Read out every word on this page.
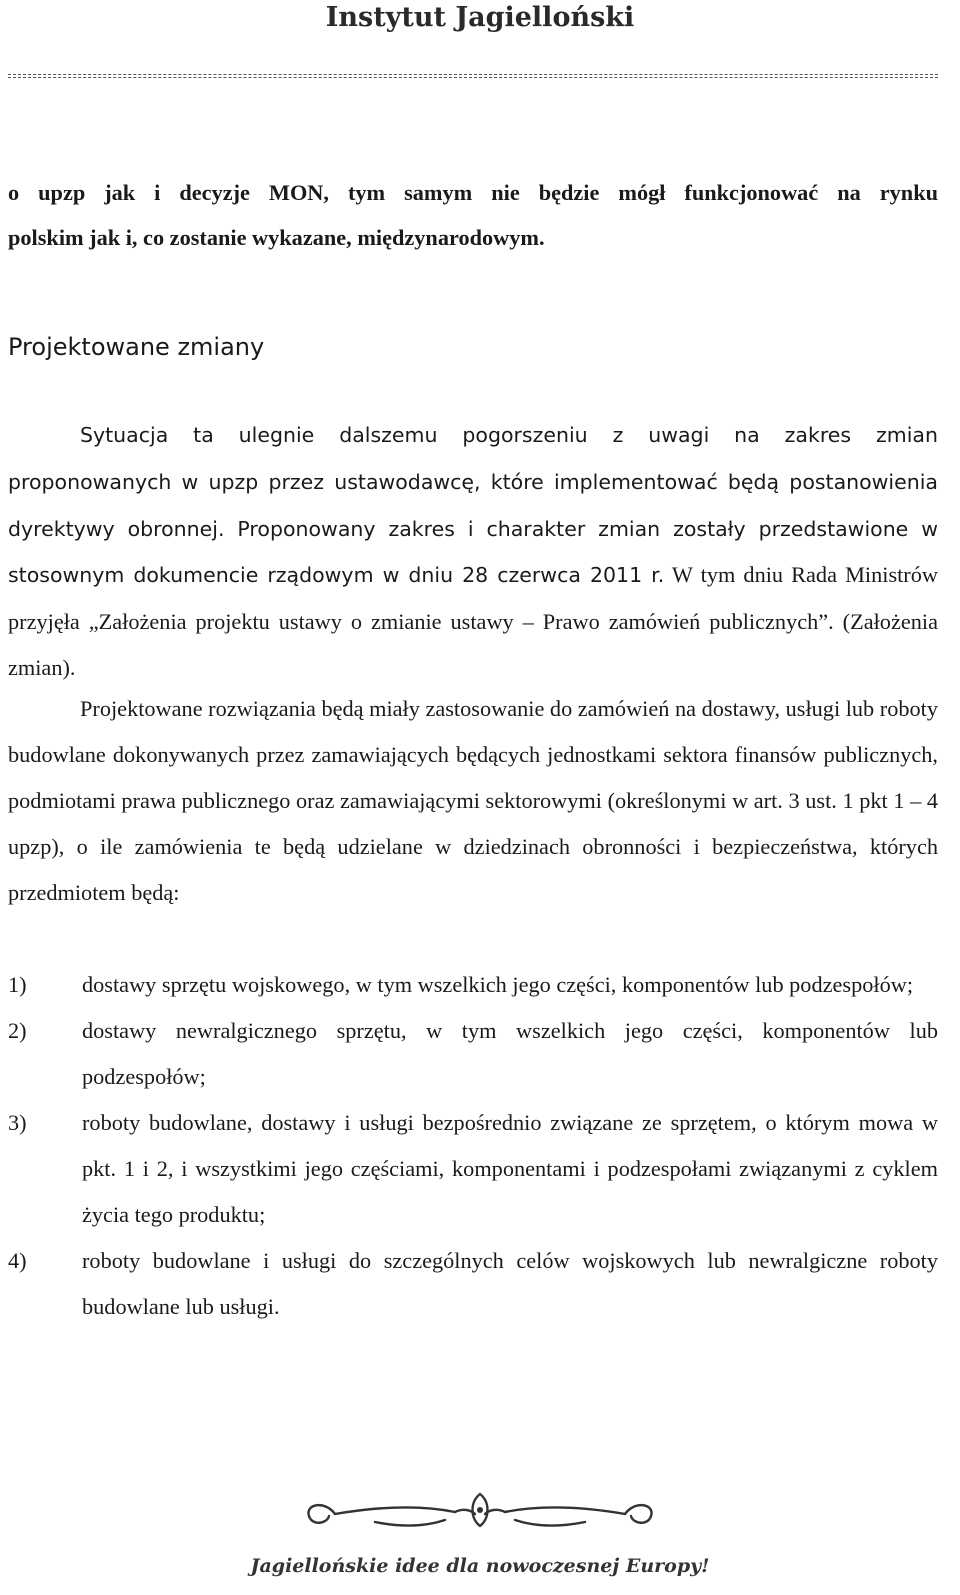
Instytut Jagielloński

o upzp jak i decyzje MON, tym samym nie będzie mógł funkcjonować na rynku

polskim jak i, co zostanie wykazane, międzynarodowym.

Projektowane zmiany

Sytuacja ta ulegnie dalszemu pogorszeniu z uwagi na zakres zmian proponowanych w upzp przez ustawodawcę, które implementować będą postanowienia dyrektywy obronnej. Proponowany zakres i charakter zmian zostały przedstawione w stosownym dokumencie rządowym w dniu 28 czerwca 2011 r. W tym dniu Rada Ministrów przyjęła „Założenia projektu ustawy o zmianie ustawy – Prawo zamówień publicznych”. (Założenia zmian).

Projektowane rozwiązania będą miały zastosowanie do zamówień na dostawy, usługi lub roboty budowlane dokonywanych przez zamawiających będących jednostkami sektora finansów publicznych, podmiotami prawa publicznego oraz zamawiającymi sektorowymi (określonymi w art. 3 ust. 1 pkt 1 – 4 upzp), o ile zamówienia te będą udzielane w dziedzinach obronności i bezpieczeństwa, których przedmiotem będą:

1) dostawy sprzętu wojskowego, w tym wszelkich jego części, komponentów lub podzespołów;
2) dostawy newralgicznego sprzętu, w tym wszelkich jego części, komponentów lub podzespołów;
3) roboty budowlane, dostawy i usługi bezpośrednio związane ze sprzętem, o którym mowa w pkt. 1 i 2, i wszystkimi jego częściami, komponentami i podzespołami związanymi z cyklem życia tego produktu;
4) roboty budowlane i usługi do szczególnych celów wojskowych lub newralgiczne roboty budowlane lub usługi.
Jagiellońskie idee dla nowoczesnej Europy!
